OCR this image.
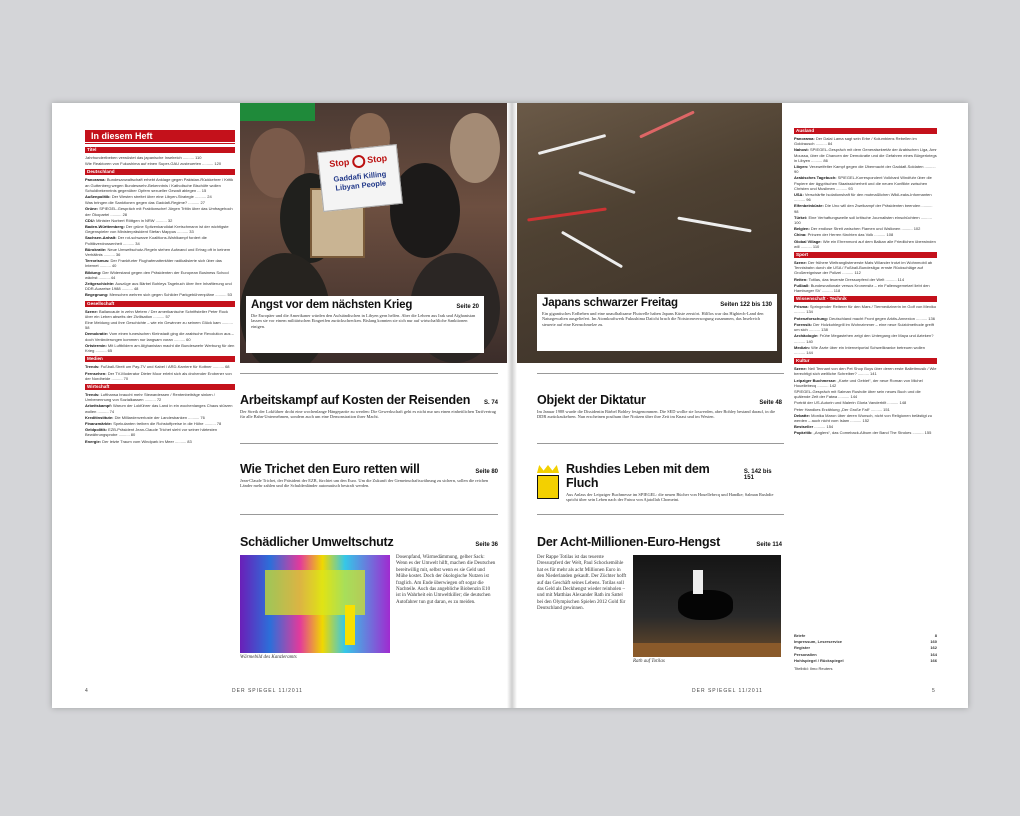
In diesem Heft
Titel
Jahrhundertbeben verwüstet das japanische Inselreich .......... 110
Wie Reaktoren von Fukushima auf einen Super-GAU zusteuerten .......... 120
Deutschland
Panorama: Bundesanwaltschaft erhebt Anklage gegen Pakistan-Rückkehrer / Kritik an Guttenberg wegen Bundeswehr-Bekenntnis / Katholische Bischöfe wollen Schuldbekenntnis gegenüber Opfern sexueller Gewalt ablegen ... 15
Außenpolitik: Der Westen streitet über eine Libyen-Strategie .......... 24
Was bringen die Sanktionen gegen das Gaddafi-Regime? .......... 27
Grüne: SPIEGEL-Gespräch mit Fraktionschef Jürgen Trittin über das Umfragehoch der Ökopartei .......... 28
CDU: Minister Norbert Röttgen in NRW .......... 32
Baden-Württemberg: Der grüne Spitzenkandidat Kretschmann ist der wichtigste Gegenspieler von Ministerpräsident Stefan Mappus .......... 33
Sachsen-Anhalt: Der rot-schwarze Koalitions-Wahlkampf fordert die Politikverdrossenheit .......... 34
Bürokratie: Neue Umweltschutz-Regeln stehen Aufwand und Ertrag oft in keinem Verhältnis .......... 36
Terrorismus: Der Frankfurter Flughafenattentäter radikalisierte sich über das Internet .......... 40
Bildung: Der Widerstand gegen den Präsidenten der European Business School wächst .......... 44
Zeitgeschichte: Auszüge aus Bärbel Bohleys Tagebuch über ihre Inhaftierung und DDR-Ausreise 1988 .......... 48
Begegnung: Menschen wehren sich gegen Schilder Parkgebührenpläne .......... 53
Gesellschaft
Szene: Ballancaule in zehn Metern / Der amerikanische Schriftsteller Peter Rock über ein Leben abseits der Zivilisation .......... 57
Eine Meldung und ihre Geschichte – wie ein Gewinner zu seinem Glück kam .......... 58
Demokratie: Vom einen tunesischen Kleinstadt ging die arabische Revolution aus – doch Veränderungen kommen nur langsam voran .......... 60
Ortstermin: Mit Luftbildern am Afghanistan macht die Bundeswehr Werbung für den Krieg .......... 65
Medien
Trends: Fußball-Streit um Pay-TV und Kabel / ARD-Karriere für Kottner .......... 68
Fernsehen: Der TV-Moderator Dieter Moor erlebt sich als drohender Erobener von der Nordheide .......... 70
Wirtschaft
Trends: Lufthansa braucht mehr Stewardessen / Rentenbeiträge sinken / Umbenennung von Sozialkassen .......... 72
Arbeitskampf: Warum der Lokführer das Land in ein wochenlanges Chaos stürzen wollen .......... 74
Kreditinstitute: Die Milliardenverluste der Landesbanken .......... 76
Finanzmärkte: Spekulanten treiben die Rohstoffpreise in die Höhe .......... 78
Geldpolitik: EZB-Präsident Jean-Claude Trichet sieht vor seiner härtesten Bewährungsprobe .......... 80
Energie: Der letzte Traum vom Windpark im Meer .......... 83
Stop Stop
Gaddafi Killing Libyan People
Angst vor dem nächsten Krieg	Seite 20
Die Europäer und die Amerikaner würden den Aufständischen in Libyen gern helfen. Aber die Lehren aus Irak und Afghanistan lassen sie vor einem militärischen Eingreifen zurückschrecken. Bislang konnten sie sich nur auf wirtschaftliche Sanktionen einigen.
Arbeitskampf auf Kosten der Reisenden S. 74
Der Streik der Lokführer droht eine wochenlange Hängepartie zu werden: Die Gewerkschaft geht es nicht nur um einen einheitlichen Tarifvertrag für alle Bahn-Unternehmen, sondern auch um eine Demonstration ihrer Macht.
Wie Trichet den Euro retten will	Seite 80
Jean-Claude Trichet, der Präsident der EZB, fürchtet um den Euro. Um die Zukunft der Gemeinschaftswährung zu sichern, sollen die reichen Länder mehr zahlen und die Schuldenländer automatisch bestraft werden.
Schädlicher Umweltschutz	Seite 36
Wärmebild des Kanzleramts
Dosenpfand, Wärmedämmung, gelber Sack: Wenn es der Umwelt hilft, machen die Deutschen bereitwillig mit, selbst wenn es sie Geld und Mühe kostet. Doch der ökologische Nutzen ist fraglich. Am Ende überwiegen oft sogar die Nachteile. Auch das angebliche Biobenzin E10 ist in Wahrheit ein Umweltkiller; die deutschen Autofahrer tun gut daran, es zu meiden.
4	DER SPIEGEL 11/2011
Japans schwarzer Freitag	Seiten 122 bis 130
Ein gigantisches Erdbeben und eine unaufhaltsame Flutwelle haben Japans Küste zerstört. Hilflos war das Hightech-Land den Naturgewalten ausgeliefert. Im Atomkraftwerk Fukushima Daiichi brach die Notstromversorgung zusammen, das Inselreich steuerte auf eine Kernschmelze zu.
Objekt der Diktatur	Seite 48
Im Januar 1988 wurde die Dissidentin Bärbel Bohley festgenommen. Die SED wollte sie loswerden, aber Bohley bestand darauf, in die DDR zurückzukehren. Nun erscheinen posthum ihre Notizen über ihre Zeit im Knast und im Westen.
Rushdies Leben mit dem Fluch
S. 142 bis 151
Aus Anlass der Leipziger Buchmesse im SPIEGEL: die neuen Bücher von Houellebecq und Handke; Salman Rushdie spricht über sein Leben nach der Fatwa von Ajatollah Chomeini.
Der Acht-Millionen-Euro-Hengst	Seite 114
Der Rappe Totilas ist das teuerste Dressurpferd der Welt, Paul Schockemöhle hat es für mehr als acht Millionen Euro in den Niederlanden gekauft. Der Züchter hofft auf das Geschäft seines Lebens. Totilas soll das Geld als Deckhengst wieder reinholen – und mit Matthias Alexander Rath im Sattel bei den Olympischen Spielen 2012 Gold für Deutschland gewinnen.
Rath auf Totilas
Ausland
Panorama: Der Dalai Lama sagt sein Erbe / Kolumbiens Rebellen im Goldrausch .......... 84
Nahost: SPIEGEL-Gespräch mit dem Generalsekretär der Arabischen Liga, Amr Moussa, über die Chancen der Demokratie und die Gefahren eines Bürgerkriegs in Libyen .......... 86
Libyen: Verzweifelter Kampf gegen die Übermacht der Gaddafi-Soldaten .......... 90
Arabisches Tagebuch: SPIEGEL-Korrespondent Volkhard Windfuhr über die Papiere der ägyptischen Staatssicherheit und die neuen Konflikte zwischen Christen und Muslimen .......... 93
USA: Verschärfte Isolationshaft für den mutmaßlichen WikiLeaks-Informanten .......... 96
Elfenbeinküste: Die Uno will den Zweikampf der Präsidenten beenden .......... 98
Türkei: Eine Verhaftungswelle soll kritische Journalisten einschüchtern .......... 100
Belgien: Der endlose Streit zwischen Flamen und Wallonen .......... 102
China: Prinzen der Herren fürchten das Volk .......... 108
Global Village: Wie ein Ehrenmord auf dem Balkan alle Friedlichen überwinden will .......... 110
Sport
Szene: Der frühere Weltranglistenerste Mats Wilander trotzt im Wohnmobil ab Tennisbahn durch die USA / Fußball-Bundesliga: ernste Rückschläge auf Großereignisse der Polizei .......... 112
Reiten: Totilas, das teuerste Dressurpferd der Welt .......... 114
Fußball: Bundesnationale versus Kronensitz – ein Fallensgemetzel liebt den Hamburger SV .......... 118
Wissenschaft · Technik
Prisma: Springender Reiterer für den Mars / Tiermedizinerin im Golf von Mexiko .......... 134
Potenzforschung: Deutschland macht Front gegen Arktis-Annexion .......... 136
Forensik: Der Holzkohlegrill im Wohnzimmer – eine neue Suizidmethode greift um sich .......... 138
Archäologie: Frühe Megastehen zeigt den Untergang der Maya und Azteken? .......... 140
Medizin: Wie Ärzte über ein Internetportal Schwellkranke betreuen wollen .......... 144
Kultur
Szene: Neil Tennant von den Pet Shop Boys über deren erste Ballettmusik / Wie berechtigt sich weltliche Schreiber? .......... 141
Leipziger Buchmesse: „Karte und Gebiet“, der neue Roman von Michel Houellebecq .......... 142
SPIEGEL-Gespräch mit Salman Rushdie über sein neues Buch und die quälende Zeit der Fatwa .......... 144
Porträt der US-Autorin und Malerin Gloria Vanderbilt .......... 148
Peter Handkes Erzählung „Der Große Fall“ .......... 151
Debatte: Monika Maron über deren Wunsch, nicht von Religionen belästigt zu werden – auch nicht vom Islam .......... 152
Bestseller .......... 154
Popkritik: „Anglers“, das Comeback-Album der Band The Strokes .......... 155
Briefe	8
Impressum, Leserservice	160
Register	162
Personalien	164
Hohlspiegel / Rückspiegel	166
Titelbild: Ilmo Reuters
DER SPIEGEL 11/2011	5
